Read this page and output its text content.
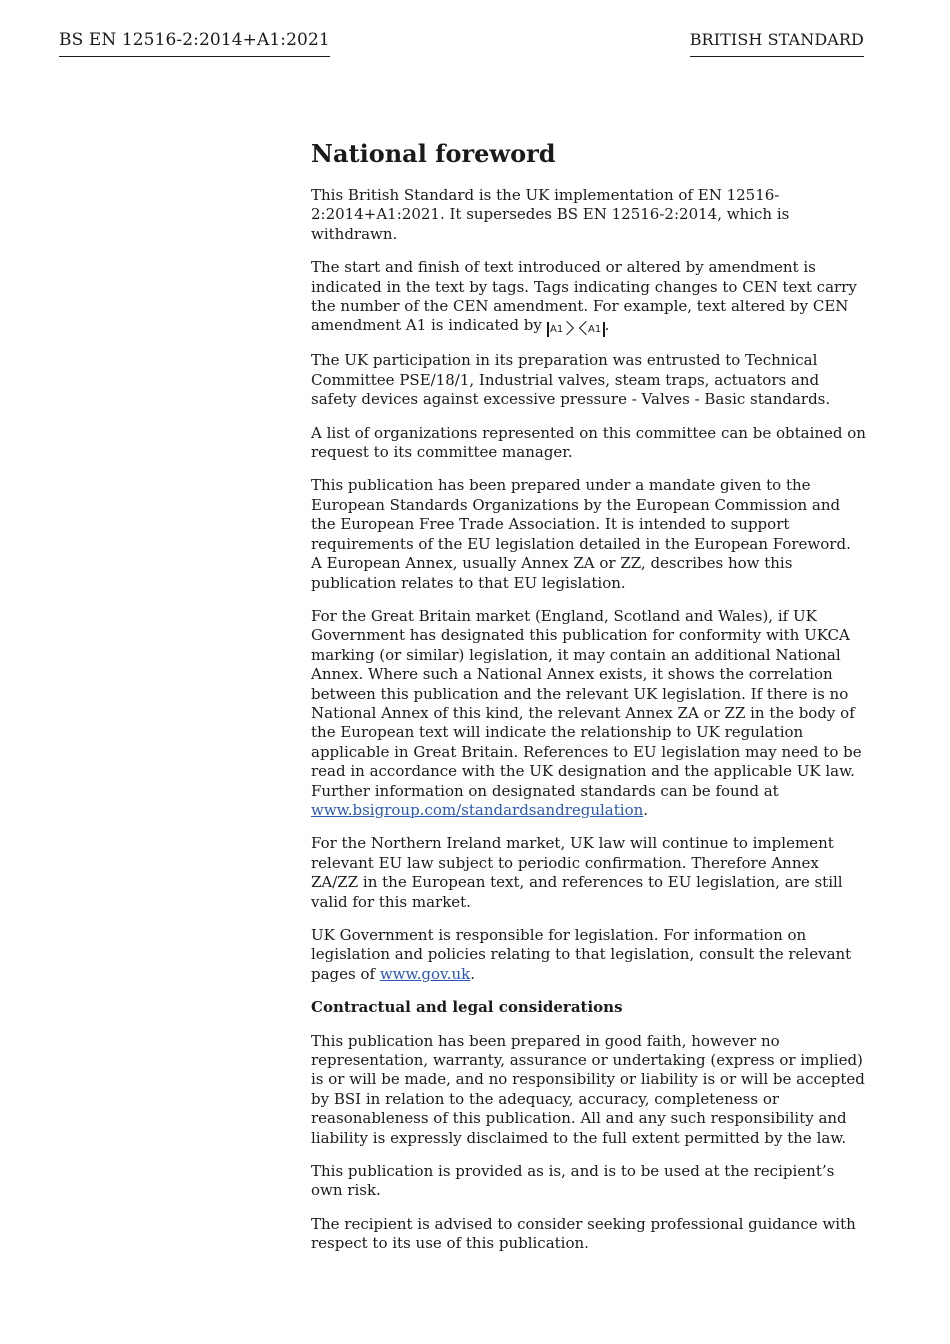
BS EN 12516-2:2014+A1:2021	BRITISH STANDARD
National foreword

This British Standard is the UK implementation of EN 12516-2:2014+A1:2021. It supersedes BS EN 12516-2:2014, which is withdrawn.

The start and finish of text introduced or altered by amendment is indicated in the text by tags. Tags indicating changes to CEN text carry the number of the CEN amendment. For example, text altered by CEN amendment A1 is indicated by A1 A1 .

The UK participation in its preparation was entrusted to Technical Committee PSE/18/1, Industrial valves, steam traps, actuators and safety devices against excessive pressure - Valves - Basic standards.

A list of organizations represented on this committee can be obtained on request to its committee manager.

This publication has been prepared under a mandate given to the European Standards Organizations by the European Commission and the European Free Trade Association. It is intended to support requirements of the EU legislation detailed in the European Foreword. A European Annex, usually Annex ZA or ZZ, describes how this publication relates to that EU legislation.

For the Great Britain market (England, Scotland and Wales), if UK Government has designated this publication for conformity with UKCA marking (or similar) legislation, it may contain an additional National Annex. Where such a National Annex exists, it shows the correlation between this publication and the relevant UK legislation. If there is no National Annex of this kind, the relevant Annex ZA or ZZ in the body of the European text will indicate the relationship to UK regulation applicable in Great Britain. References to EU legislation may need to be read in accordance with the UK designation and the applicable UK law. Further information on designated standards can be found at www.bsigroup.com/standardsandregulation.

For the Northern Ireland market, UK law will continue to implement relevant EU law subject to periodic confirmation. Therefore Annex ZA/ZZ in the European text, and references to EU legislation, are still valid for this market.

UK Government is responsible for legislation. For information on legislation and policies relating to that legislation, consult the relevant pages of www.gov.uk.

Contractual and legal considerations

This publication has been prepared in good faith, however no representation, warranty, assurance or undertaking (express or implied) is or will be made, and no responsibility or liability is or will be accepted by BSI in relation to the adequacy, accuracy, completeness or reasonableness of this publication. All and any such responsibility and liability is expressly disclaimed to the full extent permitted by the law.

This publication is provided as is, and is to be used at the recipient’s own risk.

The recipient is advised to consider seeking professional guidance with respect to its use of this publication.
